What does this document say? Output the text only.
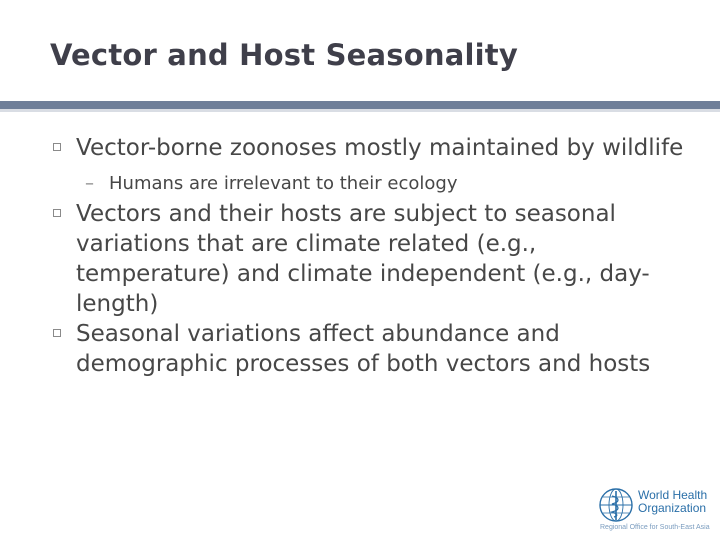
Vector and Host Seasonality
Vector-borne zoonoses mostly maintained by wildlife
– Humans are irrelevant to their ecology
Vectors and their hosts are subject to seasonal variations that are climate related (e.g., temperature) and climate independent (e.g., day-length)
Seasonal variations affect abundance and demographic processes of both vectors and hosts
World Health
Organization
Regional Office for South-East Asia
